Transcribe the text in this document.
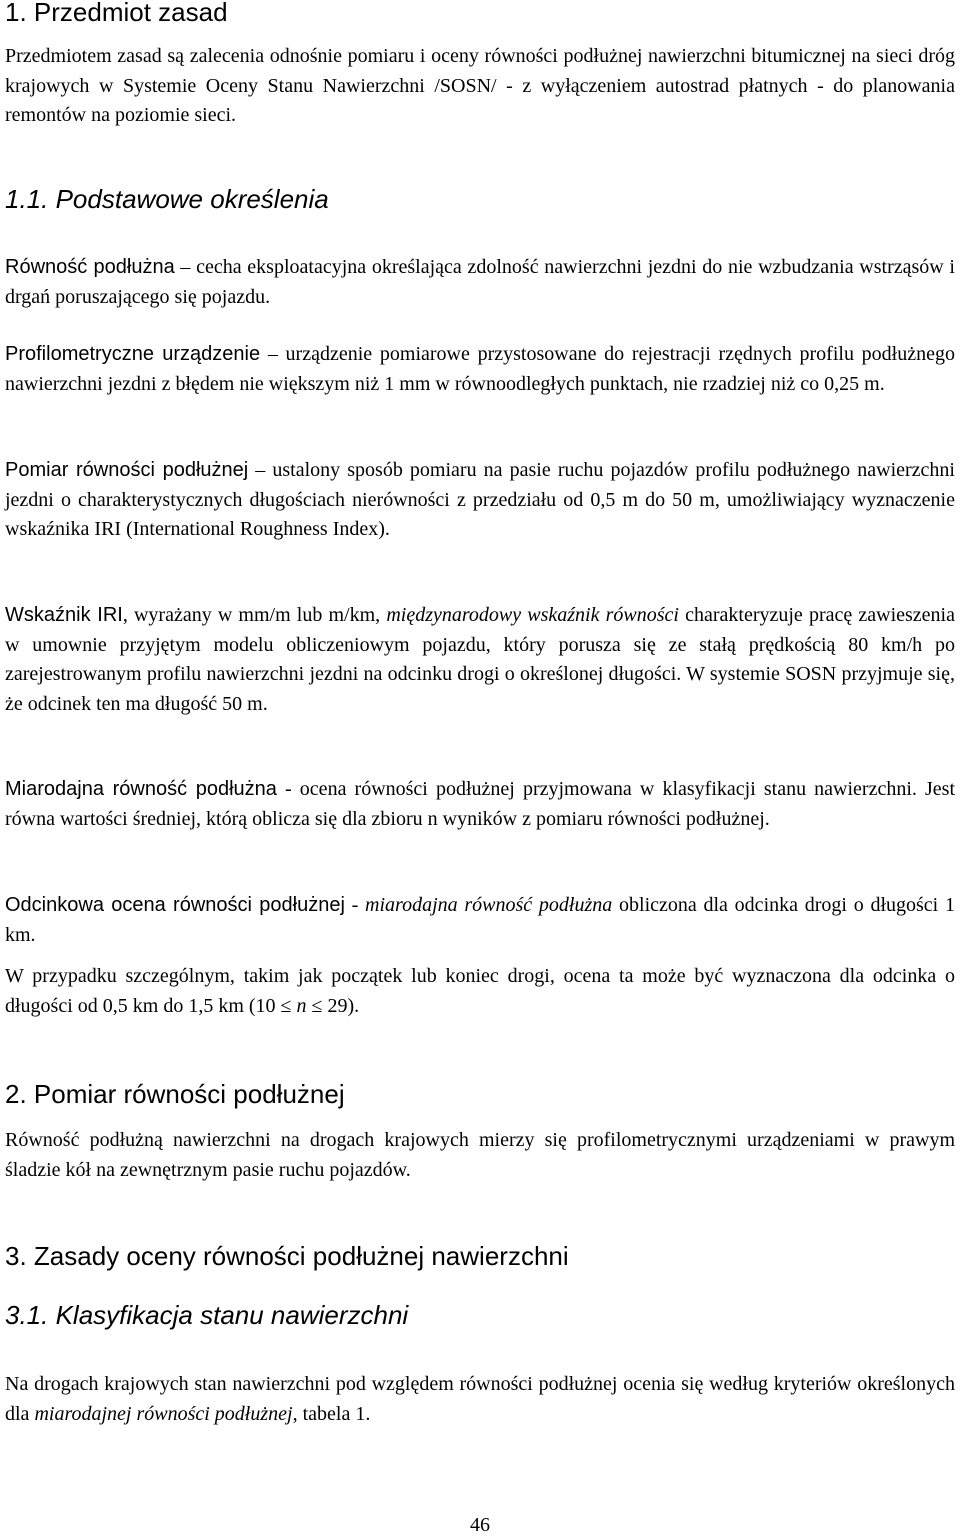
1. Przedmiot zasad

Przedmiotem zasad są zalecenia odnośnie pomiaru i oceny równości podłużnej nawierzchni bitumicznej na sieci dróg krajowych w Systemie Oceny Stanu Nawierzchni /SOSN/ - z wyłączeniem autostrad płatnych - do planowania remontów na poziomie sieci.

1.1. Podstawowe określenia

Równość podłużna – cecha eksploatacyjna określająca zdolność nawierzchni jezdni do nie wzbudzania wstrząsów i drgań poruszającego się pojazdu.

Profilometryczne urządzenie – urządzenie pomiarowe przystosowane do rejestracji rzędnych profilu podłużnego nawierzchni jezdni z błędem nie większym niż 1 mm w równoodległych punktach, nie rzadziej niż co 0,25 m.

Pomiar równości podłużnej – ustalony sposób pomiaru na pasie ruchu pojazdów profilu podłużnego nawierzchni jezdni o charakterystycznych długościach nierówności z przedziału od 0,5 m do 50 m, umożliwiający wyznaczenie wskaźnika IRI (International Roughness Index).

Wskaźnik IRI, wyrażany w mm/m lub m/km, międzynarodowy wskaźnik równości charakteryzuje pracę zawieszenia w umownie przyjętym modelu obliczeniowym pojazdu, który porusza się ze stałą prędkością 80 km/h po zarejestrowanym profilu nawierzchni jezdni na odcinku drogi o określonej długości. W systemie SOSN przyjmuje się, że odcinek ten ma długość 50 m.

Miarodajna równość podłużna - ocena równości podłużnej przyjmowana w klasyfikacji stanu nawierzchni. Jest równa wartości średniej, którą oblicza się dla zbioru n wyników z pomiaru równości podłużnej.

Odcinkowa ocena równości podłużnej - miarodajna równość podłużna obliczona dla odcinka drogi o długości 1 km.

W przypadku szczególnym, takim jak początek lub koniec drogi, ocena ta może być wyznaczona dla odcinka o długości od 0,5 km do 1,5 km (10 ≤ n ≤ 29).

2. Pomiar równości podłużnej

Równość podłużną nawierzchni na drogach krajowych mierzy się profilometrycznymi urządzeniami w prawym śladzie kół na zewnętrznym pasie ruchu pojazdów.

3. Zasady oceny równości podłużnej nawierzchni
3.1. Klasyfikacja stanu nawierzchni

Na drogach krajowych stan nawierzchni pod względem równości podłużnej ocenia się według kryteriów określonych dla miarodajnej równości podłużnej, tabela 1.

46
